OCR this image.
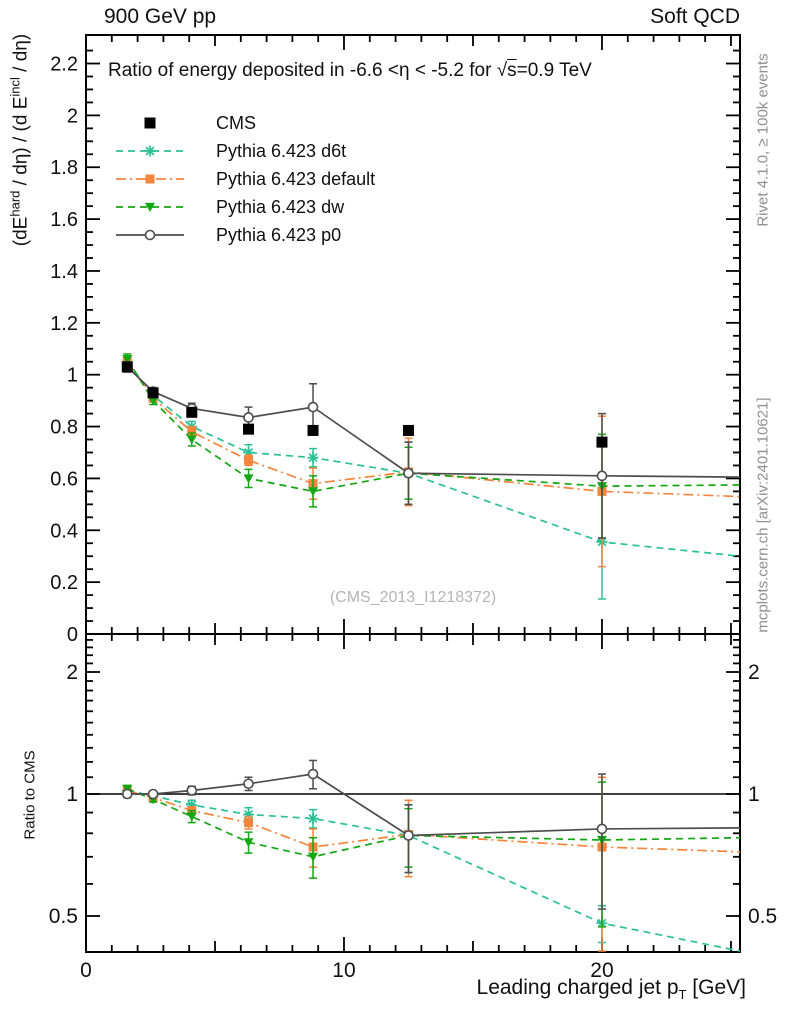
0	10	20
0
0.2
0.4
0.6
0.8
1
1.2
1.4
1.6
1.8
2
2.2
0.5	0.5
1	1
2	2
900 GeV pp	Soft QCD
Ratio of energy deposited in -6.6 <η < -5.2 for √s=0.9 TeV
$(dE^{hard} / d\eta) / (d$ $E^{incl} / d\eta$)
Ratio to CMS
Leading charged jet $p_T$ [GeV]
Rivet 4.1.0, ≥ 100k events
mcplots.cern.ch [arXiv:2401.10621]
(CMS_2013_I1218372)
CMS
Pythia 6.423 d6t
Pythia 6.423 default
Pythia 6.423 dw
Pythia 6.423 p0
